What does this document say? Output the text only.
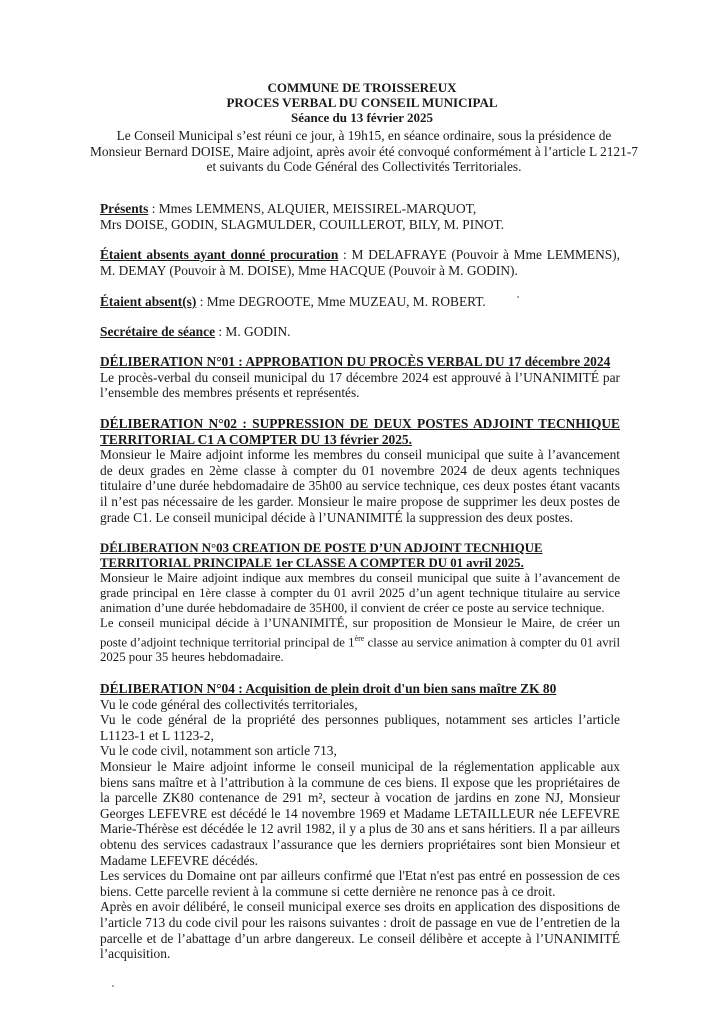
COMMUNE DE TROISSEREUX
PROCES VERBAL DU CONSEIL MUNICIPAL
Séance du 13 février 2025

Le Conseil Municipal s’est réuni ce jour, à 19h15, en séance ordinaire, sous la présidence de Monsieur Bernard DOISE, Maire adjoint, après avoir été convoqué conformément à l’article L 2121-7 et suivants du Code Général des Collectivités Territoriales.

Présents : Mmes LEMMENS, ALQUIER, MEISSIREL-MARQUOT,

Mrs DOISE, GODIN, SLAGMULDER, COUILLEROT, BILY, M. PINOT.

Étaient absents ayant donné procuration : M DELAFRAYE (Pouvoir à Mme LEMMENS), M. DEMAY (Pouvoir à M. DOISE), Mme HACQUE (Pouvoir à M. GODIN).

Étaient absent(s) : Mme DEGROOTE, Mme MUZEAU, M. ROBERT.

Secrétaire de séance : M. GODIN.

DÉLIBERATION N°01 : APPROBATION DU PROCÈS VERBAL DU 17 décembre 2024

Le procès-verbal du conseil municipal du 17 décembre 2024 est approuvé à l’UNANIMITÉ par l’ensemble des membres présents et représentés.

DÉLIBERATION N°02 : SUPPRESSION DE DEUX POSTES ADJOINT TECNHIQUE TERRITORIAL C1 A COMPTER DU 13 février 2025.

Monsieur le Maire adjoint informe les membres du conseil municipal que suite à l’avancement de deux grades en 2ème classe à compter du 01 novembre 2024 de deux agents techniques titulaire d’une durée hebdomadaire de 35h00 au service technique, ces deux postes étant vacants il n’est pas nécessaire de les garder. Monsieur le maire propose de supprimer les deux postes de grade C1. Le conseil municipal décide à l’UNANIMITÉ la suppression des deux postes.

DÉLIBERATION N°03 CREATION DE POSTE D’UN ADJOINT TECNHIQUE TERRITORIAL PRINCIPALE 1er CLASSE A COMPTER DU 01 avril 2025.

Monsieur le Maire adjoint indique aux membres du conseil municipal que suite à l’avancement de grade principal en 1ère classe à compter du 01 avril 2025 d’un agent technique titulaire au service animation d’une durée hebdomadaire de 35H00, il convient de créer ce poste au service technique.

Le conseil municipal décide à l’UNANIMITÉ, sur proposition de Monsieur le Maire, de créer un poste d’adjoint technique territorial principal de 1ère classe au service animation à compter du 01 avril 2025 pour 35 heures hebdomadaire.

DÉLIBERATION N°04 : Acquisition de plein droit d'un bien sans maître ZK 80

Vu le code général des collectivités territoriales,

Vu le code général de la propriété des personnes publiques, notamment ses articles l’article L1123-1 et L 1123-2,

Vu le code civil, notamment son article 713,

Monsieur le Maire adjoint informe le conseil municipal de la réglementation applicable aux biens sans maître et à l’attribution à la commune de ces biens. Il expose que les propriétaires de la parcelle ZK80 contenance de 291 m², secteur à vocation de jardins en zone NJ, Monsieur Georges LEFEVRE est décédé le 14 novembre 1969 et Madame LETAILLEUR née LEFEVRE Marie-Thérèse est décédée le 12 avril 1982, il y a plus de 30 ans et sans héritiers. Il a par ailleurs obtenu des services cadastraux l’assurance que les derniers propriétaires sont bien Monsieur et Madame LEFEVRE décédés.

Les services du Domaine ont par ailleurs confirmé que l'Etat n'est pas entré en possession de ces biens. Cette parcelle revient à la commune si cette dernière ne renonce pas à ce droit.

Après en avoir délibéré, le conseil municipal exerce ses droits en application des dispositions de l’article 713 du code civil pour les raisons suivantes : droit de passage en vue de l’entretien de la parcelle et de l’abattage d’un arbre dangereux. Le conseil délibère et accepte à l’UNANIMITÉ l’acquisition.
